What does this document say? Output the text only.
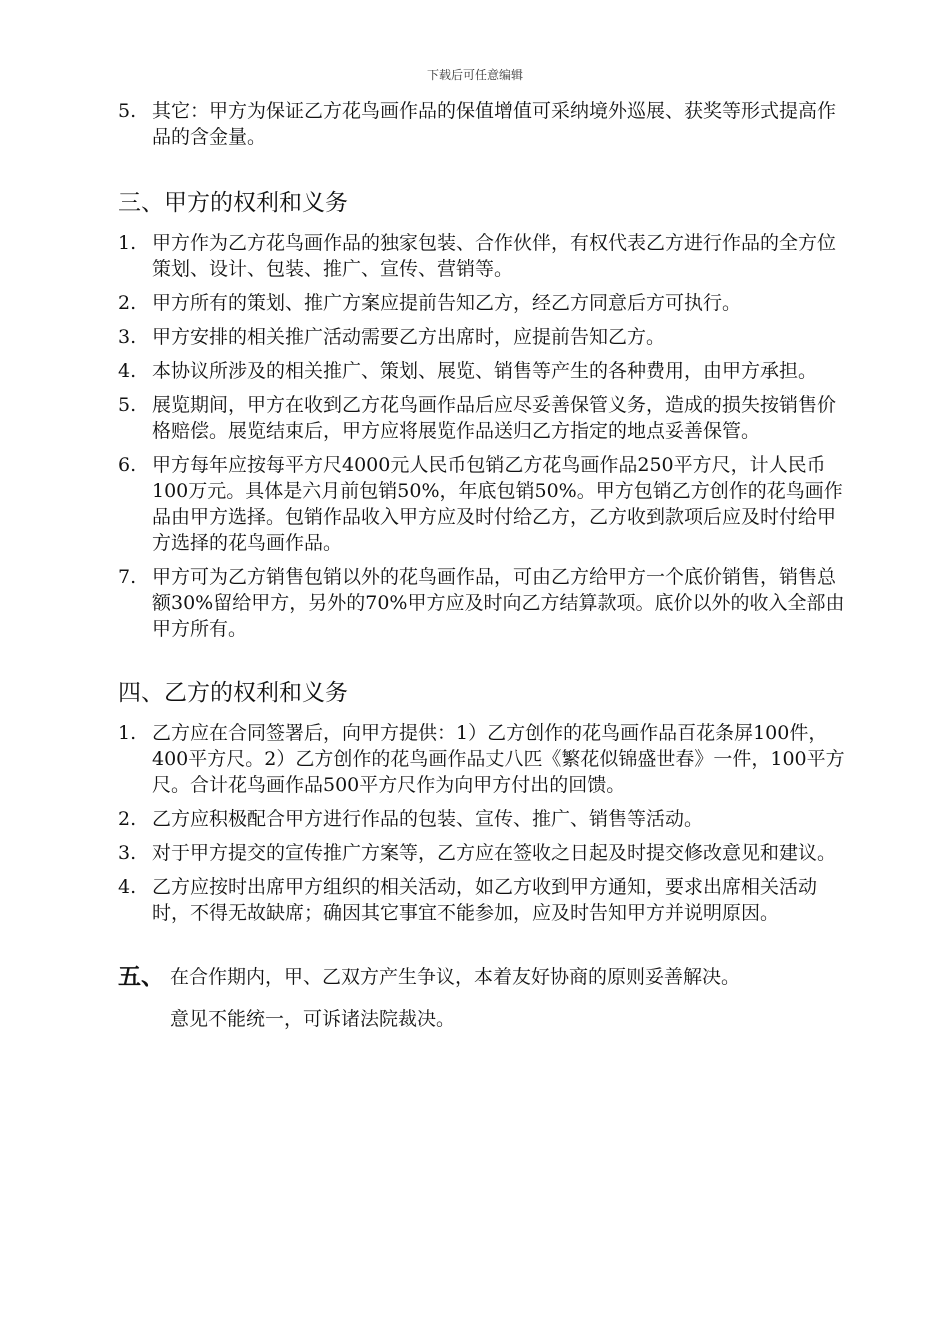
下载后可任意编辑
5. 其它：甲方为保证乙方花鸟画作品的保值增值可采纳境外巡展、获奖等形式提高作品的含金量。
三、甲方的权利和义务
1. 甲方作为乙方花鸟画作品的独家包装、合作伙伴，有权代表乙方进行作品的全方位策划、设计、包装、推广、宣传、营销等。
2. 甲方所有的策划、推广方案应提前告知乙方，经乙方同意后方可执行。
3. 甲方安排的相关推广活动需要乙方出席时，应提前告知乙方。
4. 本协议所涉及的相关推广、策划、展览、销售等产生的各种费用，由甲方承担。
5. 展览期间，甲方在收到乙方花鸟画作品后应尽妥善保管义务，造成的损失按销售价格赔偿。展览结束后，甲方应将展览作品送归乙方指定的地点妥善保管。
6. 甲方每年应按每平方尺4000元人民币包销乙方花鸟画作品250平方尺，计人民币100万元。具体是六月前包销50%，年底包销50%。甲方包销乙方创作的花鸟画作品由甲方选择。包销作品收入甲方应及时付给乙方，乙方收到款项后应及时付给甲方选择的花鸟画作品。
7. 甲方可为乙方销售包销以外的花鸟画作品，可由乙方给甲方一个底价销售，销售总额30%留给甲方，另外的70%甲方应及时向乙方结算款项。底价以外的收入全部由甲方所有。
四、乙方的权利和义务
1. 乙方应在合同签署后，向甲方提供：1）乙方创作的花鸟画作品百花条屏100件，400平方尺。2）乙方创作的花鸟画作品丈八匹《繁花似锦盛世春》一件，100平方尺。合计花鸟画作品500平方尺作为向甲方付出的回馈。
2. 乙方应积极配合甲方进行作品的包装、宣传、推广、销售等活动。
3. 对于甲方提交的宣传推广方案等，乙方应在签收之日起及时提交修改意见和建议。
4. 乙方应按时出席甲方组织的相关活动，如乙方收到甲方通知，要求出席相关活动时，不得无故缺席；确因其它事宜不能参加，应及时告知甲方并说明原因。
五、 在合作期内，甲、乙双方产生争议，本着友好协商的原则妥善解决。
意见不能统一，可诉诸法院裁决。
